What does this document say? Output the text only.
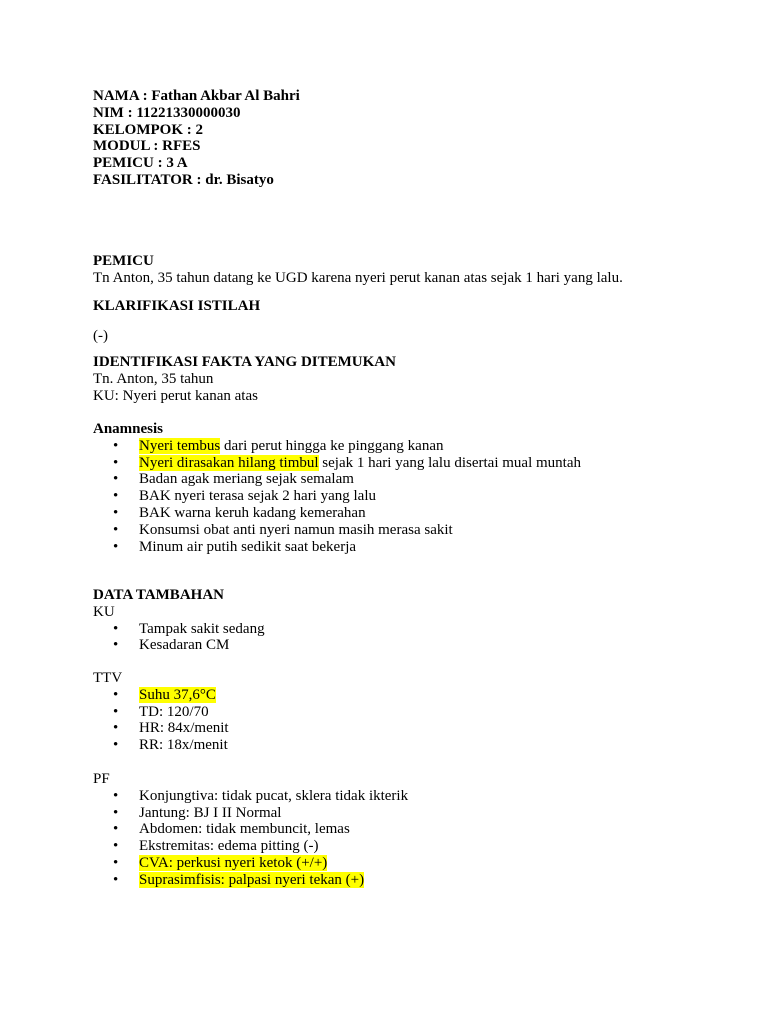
NAMA : Fathan Akbar Al Bahri
NIM : 11221330000030
KELOMPOK : 2
MODUL : RFES
PEMICU : 3 A
FASILITATOR : dr. Bisatyo
PEMICU
Tn Anton, 35 tahun datang ke UGD karena nyeri perut kanan atas sejak 1 hari yang lalu.
KLARIFIKASI ISTILAH
(-)
IDENTIFIKASI FAKTA YANG DITEMUKAN
Tn. Anton, 35 tahun
KU: Nyeri perut kanan atas
Anamnesis
• Nyeri tembus dari perut hingga ke pinggang kanan
• Nyeri dirasakan hilang timbul sejak 1 hari yang lalu disertai mual muntah
• Badan agak meriang sejak semalam
• BAK nyeri terasa sejak 2 hari yang lalu
• BAK warna keruh kadang kemerahan
• Konsumsi obat anti nyeri namun masih merasa sakit
• Minum air putih sedikit saat bekerja
DATA TAMBAHAN
KU
• Tampak sakit sedang
• Kesadaran CM
TTV
• Suhu 37,6°C
• TD: 120/70
• HR: 84x/menit
• RR: 18x/menit
PF
• Konjungtiva: tidak pucat, sklera tidak ikterik
• Jantung: BJ I II Normal
• Abdomen: tidak membuncit, lemas
• Ekstremitas: edema pitting (-)
• CVA: perkusi nyeri ketok (+/+)
• Suprasimfisis: palpasi nyeri tekan (+)
